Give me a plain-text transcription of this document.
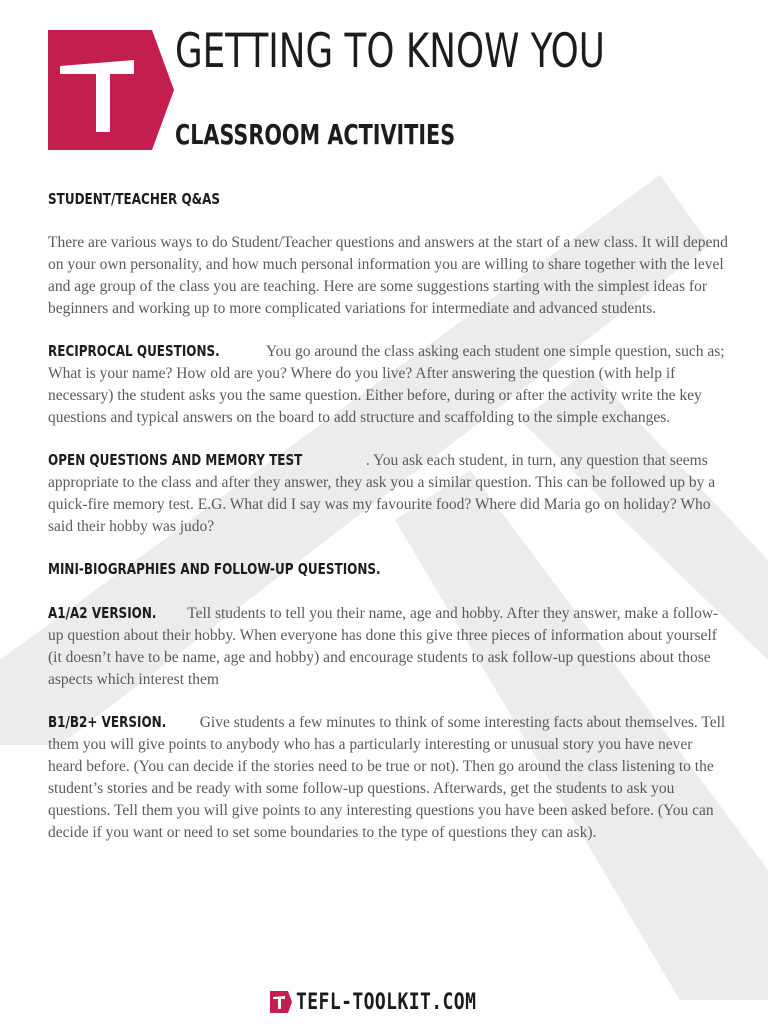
GETTING TO KNOW YOU
CLASSROOM ACTIVITIES
STUDENT/TEACHER Q&AS

There are various ways to do Student/Teacher questions and answers at the start of a new class. It will depend on your own personality, and how much personal information you are willing to share together with the level and age group of the class you are teaching. Here are some suggestions starting with the simplest ideas for beginners and working up to more complicated variations for intermediate and advanced students.

RECIPROCAL QUESTIONS.	You go around the class asking each student one simple question, such as; What is your name? How old are you? Where do you live? After answering the question (with help if necessary) the student asks you the same question. Either before, during or after the activity write the key questions and typical answers on the board to add structure and scaffolding to the simple exchanges.

OPEN QUESTIONS AND MEMORY TEST	. You ask each student, in turn, any question that seems appropriate to the class and after they answer, they ask you a similar question. This can be followed up by a quick-fire memory test. E.G. What did I say was my favourite food? Where did Maria go on holiday? Who said their hobby was judo?

MINI-BIOGRAPHIES AND FOLLOW-UP QUESTIONS.

A1/A2 VERSION. Tell students to tell you their name, age and hobby. After they answer, make a follow-up question about their hobby. When everyone has done this give three pieces of information about yourself (it doesn’t have to be name, age and hobby) and encourage students to ask follow-up questions about those aspects which interest them

B1/B2+ VERSION. Give students a few minutes to think of some interesting facts about themselves. Tell them you will give points to anybody who has a particularly interesting or unusual story you have never heard before. (You can decide if the stories need to be true or not). Then go around the class listening to the student’s stories and be ready with some follow-up questions. Afterwards, get the students to ask you questions. Tell them you will give points to any interesting questions you have been asked before. (You can decide if you want or need to set some boundaries to the type of questions they can ask).

TEFL-TOOLKIT.COM
